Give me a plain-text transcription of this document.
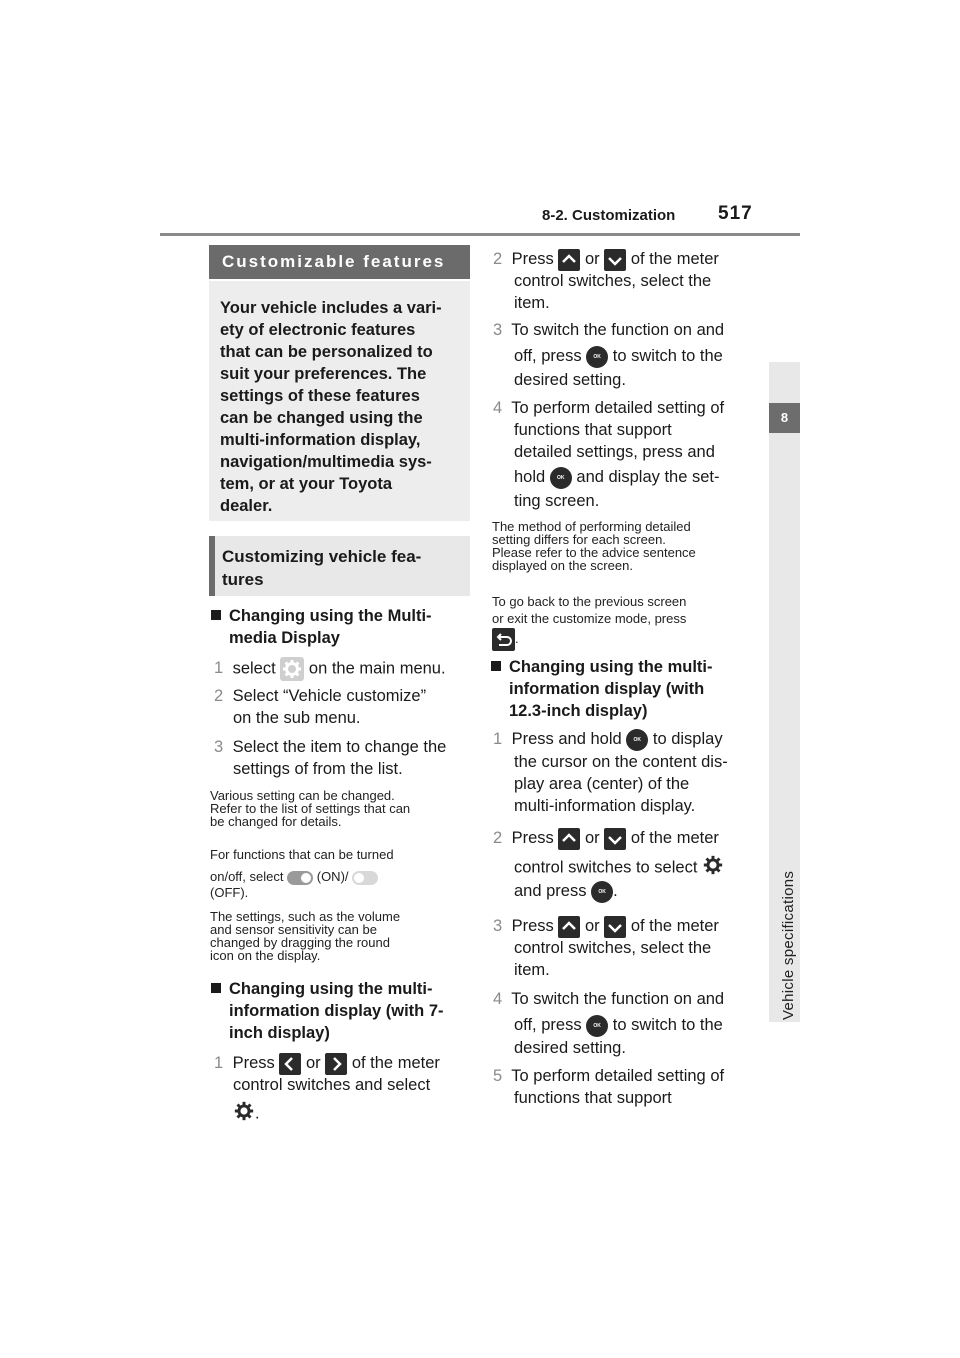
8-2. Customization 517
8
Vehicle specifications
Customizable features
Your vehicle includes a vari-
ety of electronic features
that can be personalized to
suit your preferences. The
settings of these features
can be changed using the
multi-information display,
navigation/multimedia sys-
tem, or at your Toyota
dealer.
Customizing vehicle fea-
tures
Changing using the Multi-
media Display
1 select on the main menu.
2 Select “Vehicle customize”
on the sub menu.
3 Select the item to change the
settings of from the list.
Various setting can be changed.
Refer to the list of settings that can
be changed for details.
For functions that can be turned
on/off, select	(ON)/
(OFF).
The settings, such as the volume
and sensor sensitivity can be
changed by dragging the round
icon on the display.
Changing using the multi-
information display (with 7-
inch display)
1 Press or of the meter
control switches and select
.
2 Press or of the meter
control switches, select the
item.
3 To switch the function on and
off, press OK to switch to the
desired setting.
4 To perform detailed setting of
functions that support
detailed settings, press and
hold OK and display the set-
ting screen.
The method of performing detailed
setting differs for each screen.
Please refer to the advice sentence
displayed on the screen.
To go back to the previous screen
or exit the customize mode, press
.
Changing using the multi-
information display (with
12.3-inch display)
1 Press and hold OK to display
the cursor on the content dis-
play area (center) of the
multi-information display.
2 Press or of the meter
control switches to select
and press OK .
3 Press or of the meter
control switches, select the
item.
4 To switch the function on and
off, press OK to switch to the
desired setting.
5 To perform detailed setting of
functions that support
